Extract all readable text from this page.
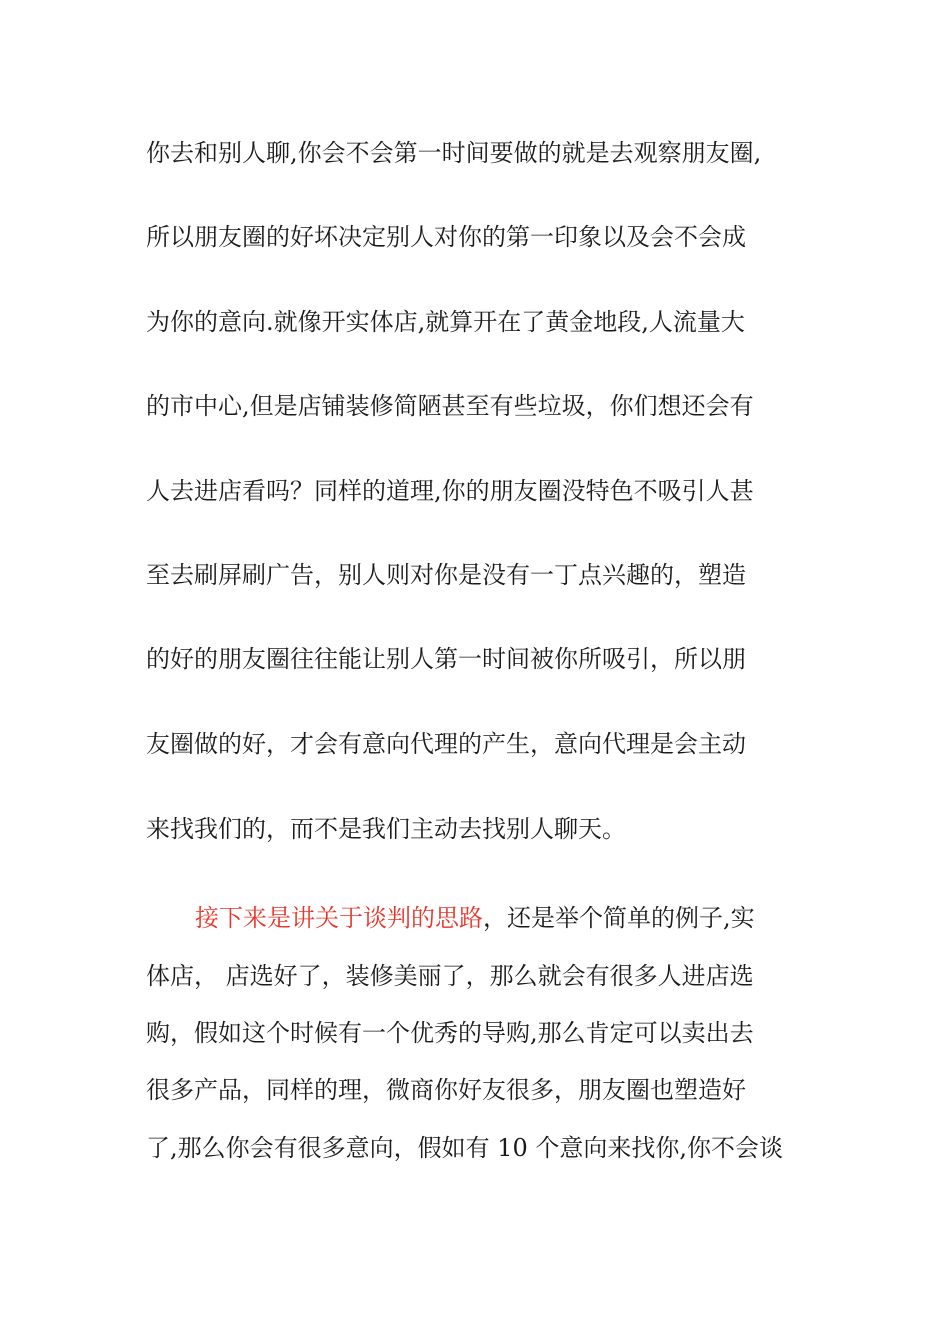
你去和别人聊,你会不会第一时间要做的就是去观察朋友圈,
所以朋友圈的好坏决定别人对你的第一印象以及会不会成
为你的意向.就像开实体店,就算开在了黄金地段,人流量大
的市中心,但是店铺装修简陋甚至有些垃圾，你们想还会有
人去进店看吗？同样的道理,你的朋友圈没特色不吸引人甚
至去刷屏刷广告，别人则对你是没有一丁点兴趣的，塑造
的好的朋友圈往往能让别人第一时间被你所吸引，所以朋
友圈做的好，才会有意向代理的产生，意向代理是会主动
来找我们的，而不是我们主动去找别人聊天。
接下来是讲关于谈判的思路，还是举个简单的例子,实
体店， 店选好了，装修美丽了，那么就会有很多人进店选
购，假如这个时候有一个优秀的导购,那么肯定可以卖出去
很多产品，同样的理，微商你好友很多，朋友圈也塑造好
了,那么你会有很多意向，假如有 10 个意向来找你,你不会谈
